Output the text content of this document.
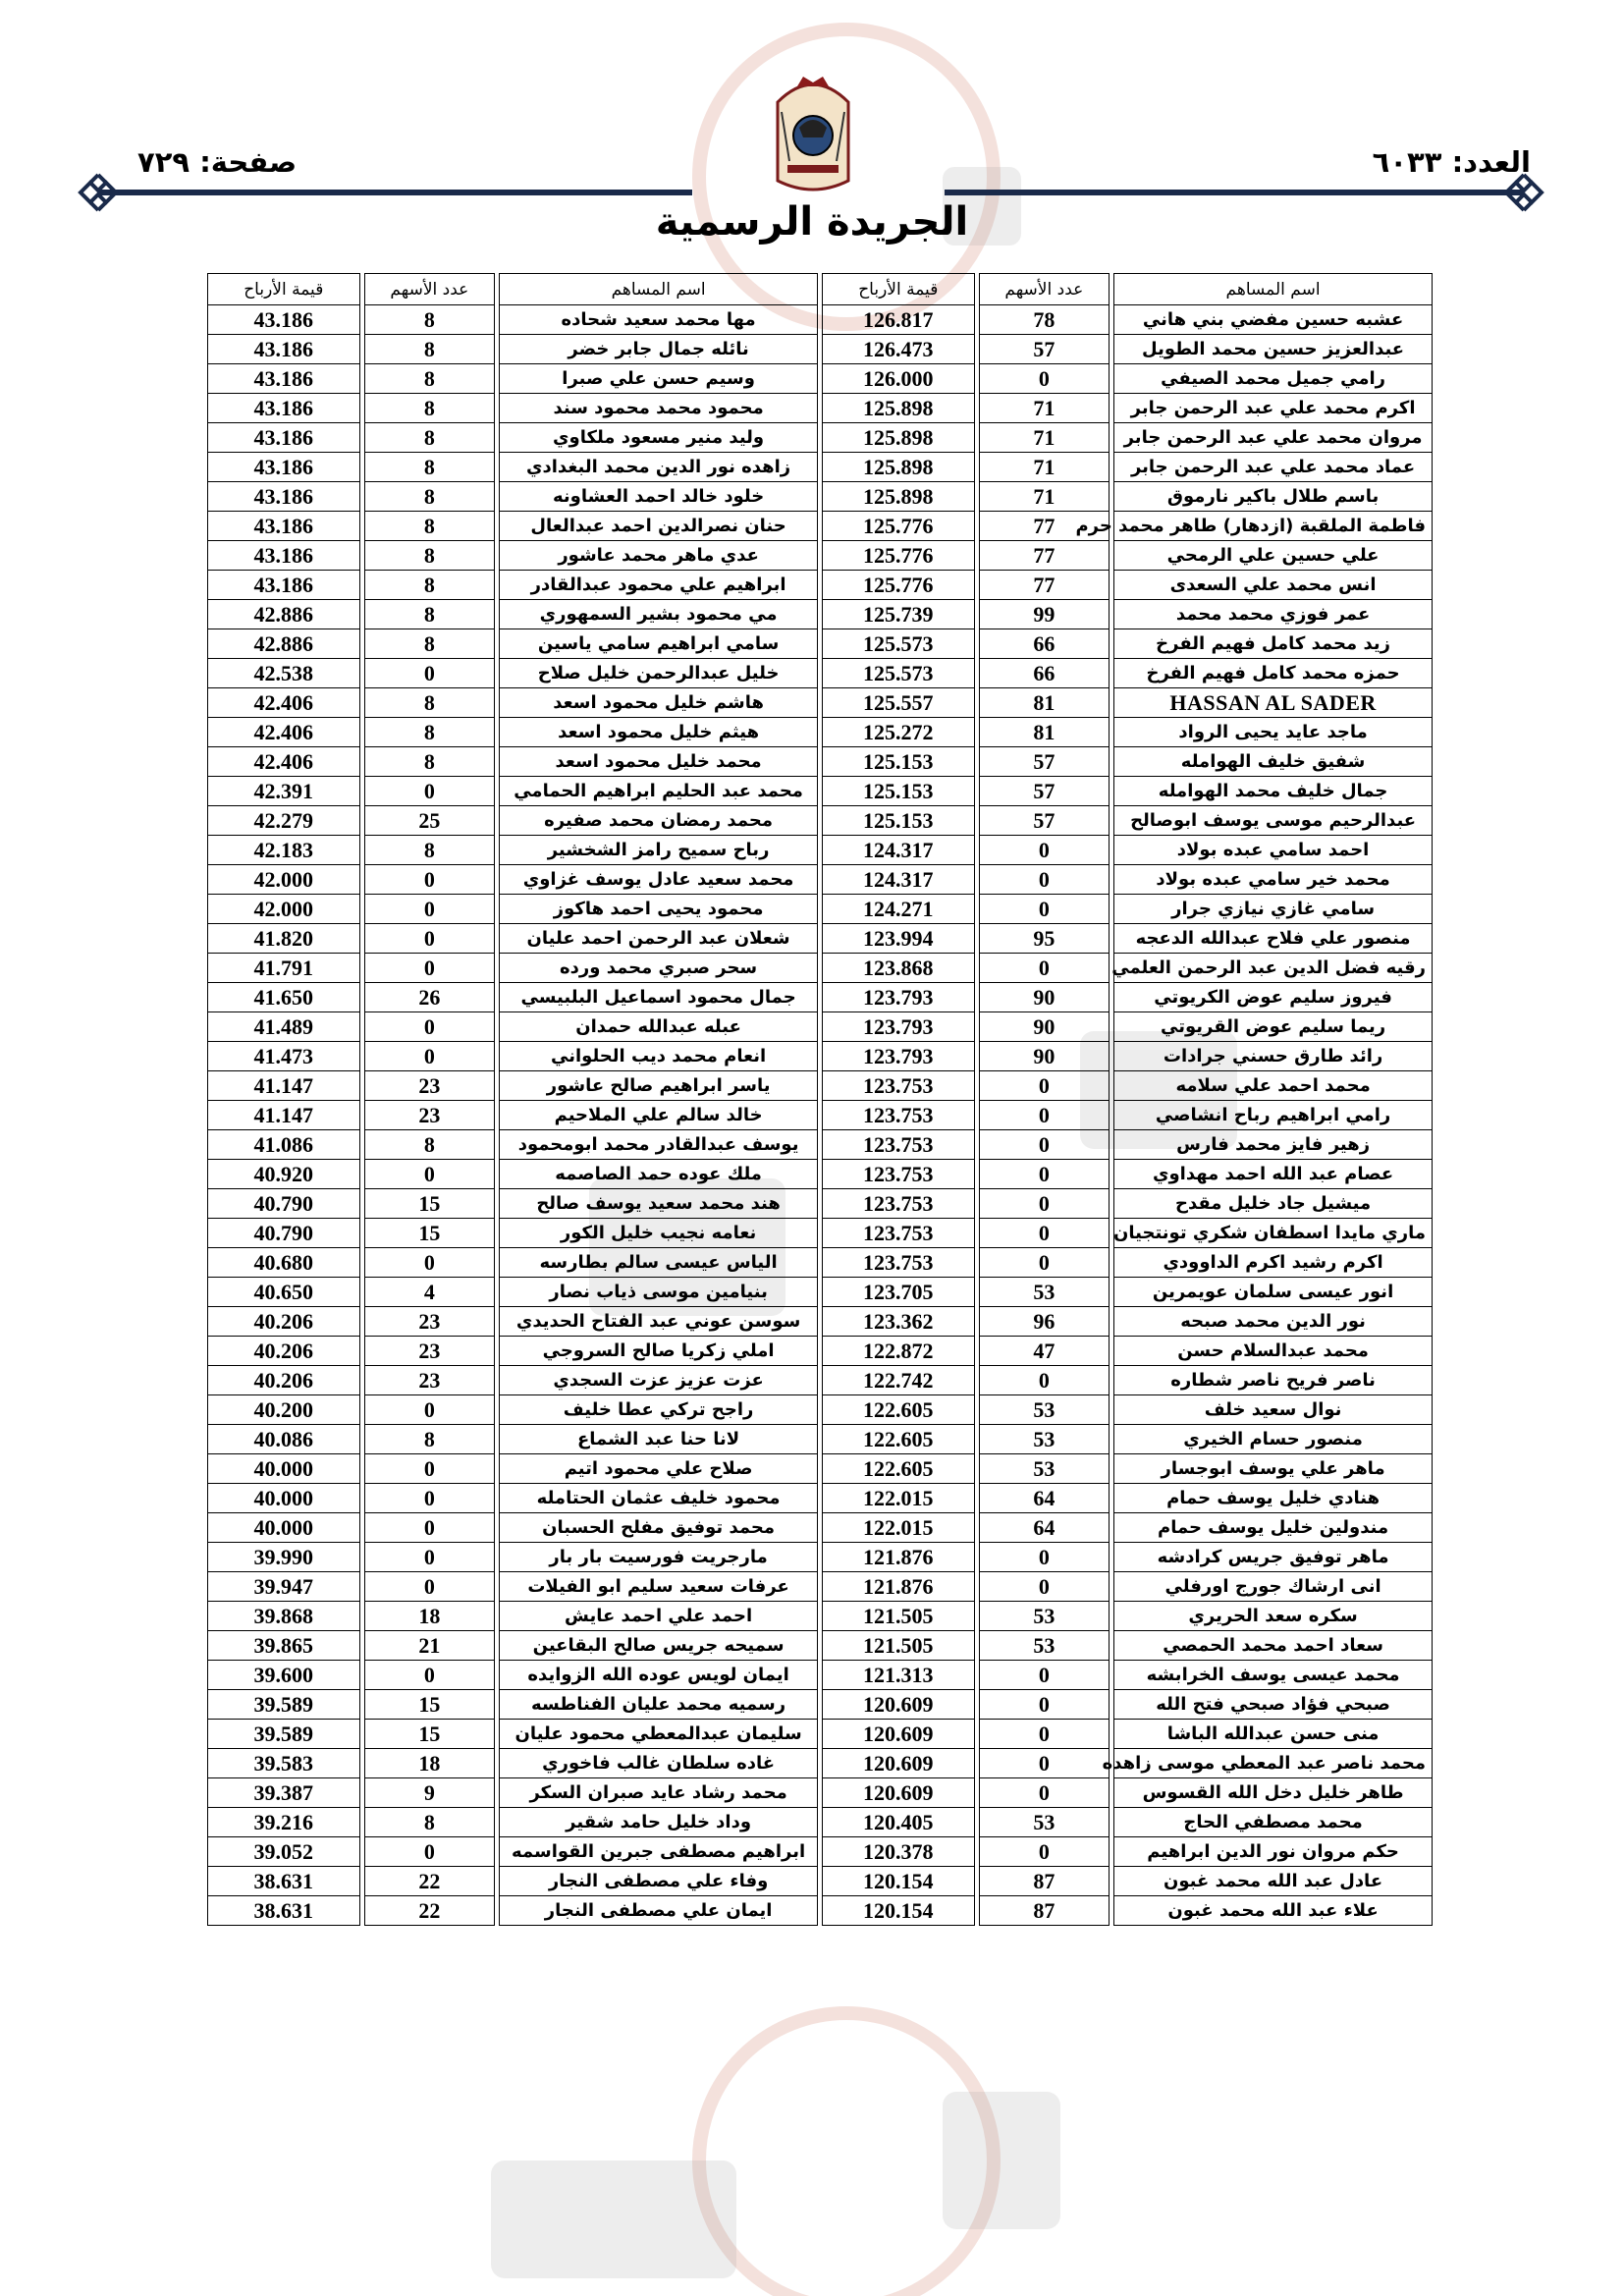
العدد: ٦٠٣٣
صفحة: ٧٢٩
الجريدة الرسمية
اسم المساهم	عدد الأسهم	قيمة الأرباح	اسم المساهم	عدد الأسهم	قيمة الأرباح
عشبه حسين مفضي بني هاني	78	126.817	مها محمد سعيد شحاده	8	43.186
عبدالعزيز حسين محمد الطويل	57	126.473	نائله جمال جابر خضر	8	43.186
رامي جميل محمد الصيفي	0	126.000	وسيم حسن علي صبرا	8	43.186
اكرم محمد علي عبد الرحمن جابر	71	125.898	محمود محمد محمود سند	8	43.186
مروان محمد علي عبد الرحمن جابر	71	125.898	وليد منير مسعود ملكاوي	8	43.186
عماد محمد علي عبد الرحمن جابر	71	125.898	زاهده نور الدين محمد البغدادي	8	43.186
باسم طلال باكير نارموق	71	125.898	خلود خالد احمد العشاونه	8	43.186
فاطمة الملقبة (ازدهار) طاهر محمد حرم	77	125.776	حنان نصرالدين احمد عبدالعال	8	43.186
علي حسين علي الرمحي	77	125.776	عدي ماهر محمد عاشور	8	43.186
انس محمد علي السعدى	77	125.776	ابراهيم علي محمود عبدالقادر	8	43.186
عمر فوزي محمد محمد	99	125.739	مي محمود بشير السمهوري	8	42.886
زيد محمد كامل فهيم الفرخ	66	125.573	سامي ابراهيم سامي ياسين	8	42.886
حمزه محمد كامل فهيم الفرخ	66	125.573	خليل عبدالرحمن خليل صلاح	0	42.538
HASSAN AL SADER	81	125.557	هاشم خليل محمود اسعد	8	42.406
ماجد عايد يحيى الرواد	81	125.272	هيثم خليل محمود اسعد	8	42.406
شفيق خليف الهوامله	57	125.153	محمد خليل محمود اسعد	8	42.406
جمال خليف محمد الهوامله	57	125.153	محمد عبد الحليم ابراهيم الحمامي	0	42.391
عبدالرحيم موسى يوسف ابوصالح	57	125.153	محمد رمضان محمد صفيره	25	42.279
احمد سامي عبده بولاد	0	124.317	رباح سميح رامز الشخشير	8	42.183
محمد خير سامي عبده بولاد	0	124.317	محمد سعيد عادل يوسف غزاوي	0	42.000
سامي غازي نيازي جرار	0	124.271	محمود يحيى احمد هاكوز	0	42.000
منصور علي فلاح عبدالله الدعجه	95	123.994	شعلان عبد الرحمن احمد عليان	0	41.820
رقيه فضل الدين عبد الرحمن العلمي	0	123.868	سحر صبري محمد ورده	0	41.791
فيروز سليم عوض الكريوتي	90	123.793	جمال محمود اسماعيل البلبيسي	26	41.650
ريما سليم عوض القريوتي	90	123.793	عبله عبدالله حمدان	0	41.489
رائد طارق حسني جرادات	90	123.793	انعام محمد ديب الحلواني	0	41.473
محمد احمد علي سلامه	0	123.753	ياسر ابراهيم صالح عاشور	23	41.147
رامي ابراهيم رباح انشاصي	0	123.753	خالد سالم علي الملاحيم	23	41.147
زهير فايز محمد فارس	0	123.753	يوسف عبدالقادر محمد ابومحمود	8	41.086
عصام عبد الله احمد مهداوي	0	123.753	ملك عوده حمد الصاصمه	0	40.920
ميشيل جاد خليل مقدح	0	123.753	هند محمد سعيد يوسف صالح	15	40.790
ماري مايدا اسطفان شكري تونتجيان	0	123.753	نعامه نجيب خليل الكور	15	40.790
اكرم رشيد اكرم الداوودي	0	123.753	الياس عيسى سالم بطارسه	0	40.680
انور عيسى سلمان عويمرين	53	123.705	بنيامين موسى ذياب نصار	4	40.650
نور الدين محمد صبحه	96	123.362	سوسن عوني عبد الفتاح الحديدي	23	40.206
محمد عبدالسلام حسن	47	122.872	املي زكريا صالح السروجي	23	40.206
ناصر فريح ناصر شطاره	0	122.742	عزت عزيز عزت السجدي	23	40.206
نوال سعيد خلف	53	122.605	راجح تركي عطا خليف	0	40.200
منصور حسام الخيري	53	122.605	لانا حنا عبد الشماع	8	40.086
ماهر علي يوسف ابوجسار	53	122.605	صلاح علي محمود اتيم	0	40.000
هنادي خليل يوسف حمام	64	122.015	محمود خليف عثمان الحتامله	0	40.000
مندولين خليل يوسف حمام	64	122.015	محمد توفيق مفلح الحسبان	0	40.000
ماهر توفيق جريس كرادشه	0	121.876	مارجريت فورسيت بار بار	0	39.990
انى ارشاك جورج اورفلي	0	121.876	عرفات سعيد سليم ابو الفيلات	0	39.947
سكره سعد الحريري	53	121.505	احمد علي احمد عايش	18	39.868
سعاد احمد محمد الحمصي	53	121.505	سميحه جريس صالح البقاعين	21	39.865
محمد عيسى يوسف الخرابشه	0	121.313	ايمان لويس عوده الله الزوايده	0	39.600
صبحي فؤاد صبحي فتح الله	0	120.609	رسميه محمد عليان الفناطسه	15	39.589
منى حسن عبدالله الباشا	0	120.609	سليمان عبدالمعطي محمود عليان	15	39.589
محمد ناصر عبد المعطي موسى زاهده	0	120.609	غاده سلطان غالب فاخوري	18	39.583
طاهر خليل دخل الله القسوس	0	120.609	محمد رشاد عايد صبران السكر	9	39.387
محمد مصطفي الحاج	53	120.405	وداد خليل حامد شقير	8	39.216
حكم مروان نور الدين ابراهيم	0	120.378	ابراهيم مصطفى جبرين القواسمه	0	39.052
عادل عبد الله محمد غبون	87	120.154	وفاء علي مصطفى النجار	22	38.631
علاء عبد الله محمد غبون	87	120.154	ايمان علي مصطفى النجار	22	38.631
